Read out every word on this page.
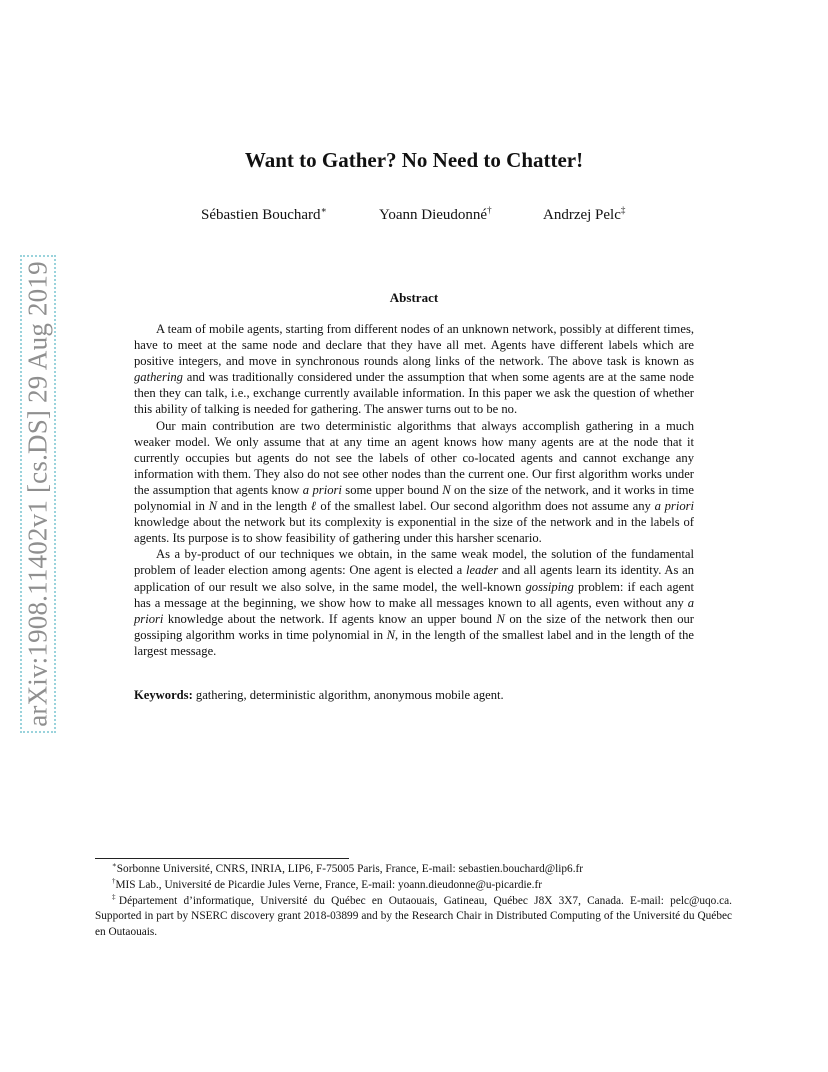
arXiv:1908.11402v1 [cs.DS] 29 Aug 2019
Want to Gather? No Need to Chatter!
Sébastien Bouchard∗	Yoann Dieudonné†	Andrzej Pelc‡
Abstract

A team of mobile agents, starting from different nodes of an unknown network, possibly at different times, have to meet at the same node and declare that they have all met. Agents have different labels which are positive integers, and move in synchronous rounds along links of the network. The above task is known as gathering and was traditionally considered under the assumption that when some agents are at the same node then they can talk, i.e., exchange currently available information. In this paper we ask the question of whether this ability of talking is needed for gathering. The answer turns out to be no.

Our main contribution are two deterministic algorithms that always accomplish gathering in a much weaker model. We only assume that at any time an agent knows how many agents are at the node that it currently occupies but agents do not see the labels of other co-located agents and cannot exchange any information with them. They also do not see other nodes than the current one. Our first algorithm works under the assumption that agents know a priori some upper bound N on the size of the network, and it works in time polynomial in N and in the length ℓ of the smallest label. Our second algorithm does not assume any a priori knowledge about the network but its complexity is exponential in the size of the network and in the labels of agents. Its purpose is to show feasibility of gathering under this harsher scenario.

As a by-product of our techniques we obtain, in the same weak model, the solution of the fundamental problem of leader election among agents: One agent is elected a leader and all agents learn its identity. As an application of our result we also solve, in the same model, the well-known gossiping problem: if each agent has a message at the beginning, we show how to make all messages known to all agents, even without any a priori knowledge about the network. If agents know an upper bound N on the size of the network then our gossiping algorithm works in time polynomial in N, in the length of the smallest label and in the length of the largest message.

Keywords: gathering, deterministic algorithm, anonymous mobile agent.

∗Sorbonne Université, CNRS, INRIA, LIP6, F-75005 Paris, France, E-mail: sebastien.bouchard@lip6.fr

†MIS Lab., Université de Picardie Jules Verne, France, E-mail: yoann.dieudonne@u-picardie.fr

‡Département d’informatique, Université du Québec en Outaouais, Gatineau, Québec J8X 3X7, Canada. E-mail: pelc@uqo.ca. Supported in part by NSERC discovery grant 2018-03899 and by the Research Chair in Distributed Computing of the Université du Québec en Outaouais.
